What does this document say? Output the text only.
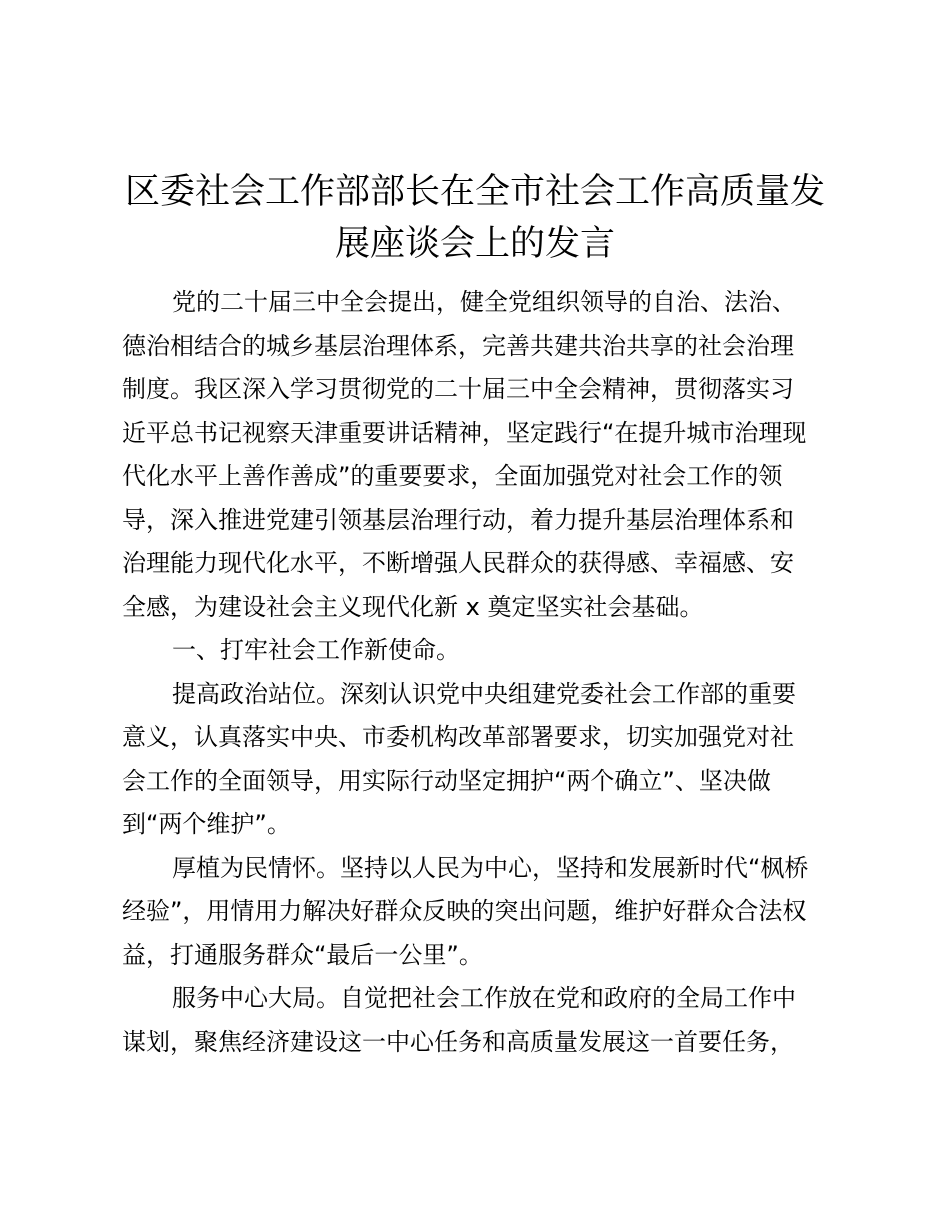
区委社会工作部部长在全市社会工作高质量发
展座谈会上的发言
党的二十届三中全会提出，健全党组织领导的自治、法治、
德治相结合的城乡基层治理体系，完善共建共治共享的社会治理
制度。我区深入学习贯彻党的二十届三中全会精神，贯彻落实习
近平总书记视察天津重要讲话精神，坚定践行“在提升城市治理现
代化水平上善作善成”的重要要求，全面加强党对社会工作的领
导，深入推进党建引领基层治理行动，着力提升基层治理体系和
治理能力现代化水平，不断增强人民群众的获得感、幸福感、安
全感，为建设社会主义现代化新 x 奠定坚实社会基础。
一、打牢社会工作新使命。
提高政治站位。深刻认识党中央组建党委社会工作部的重要
意义，认真落实中央、市委机构改革部署要求，切实加强党对社
会工作的全面领导，用实际行动坚定拥护“两个确立”、坚决做
到“两个维护”。
厚植为民情怀。坚持以人民为中心，坚持和发展新时代“枫桥
经验”，用情用力解决好群众反映的突出问题，维护好群众合法权
益，打通服务群众“最后一公里”。
服务中心大局。自觉把社会工作放在党和政府的全局工作中
谋划，聚焦经济建设这一中心任务和高质量发展这一首要任务，
